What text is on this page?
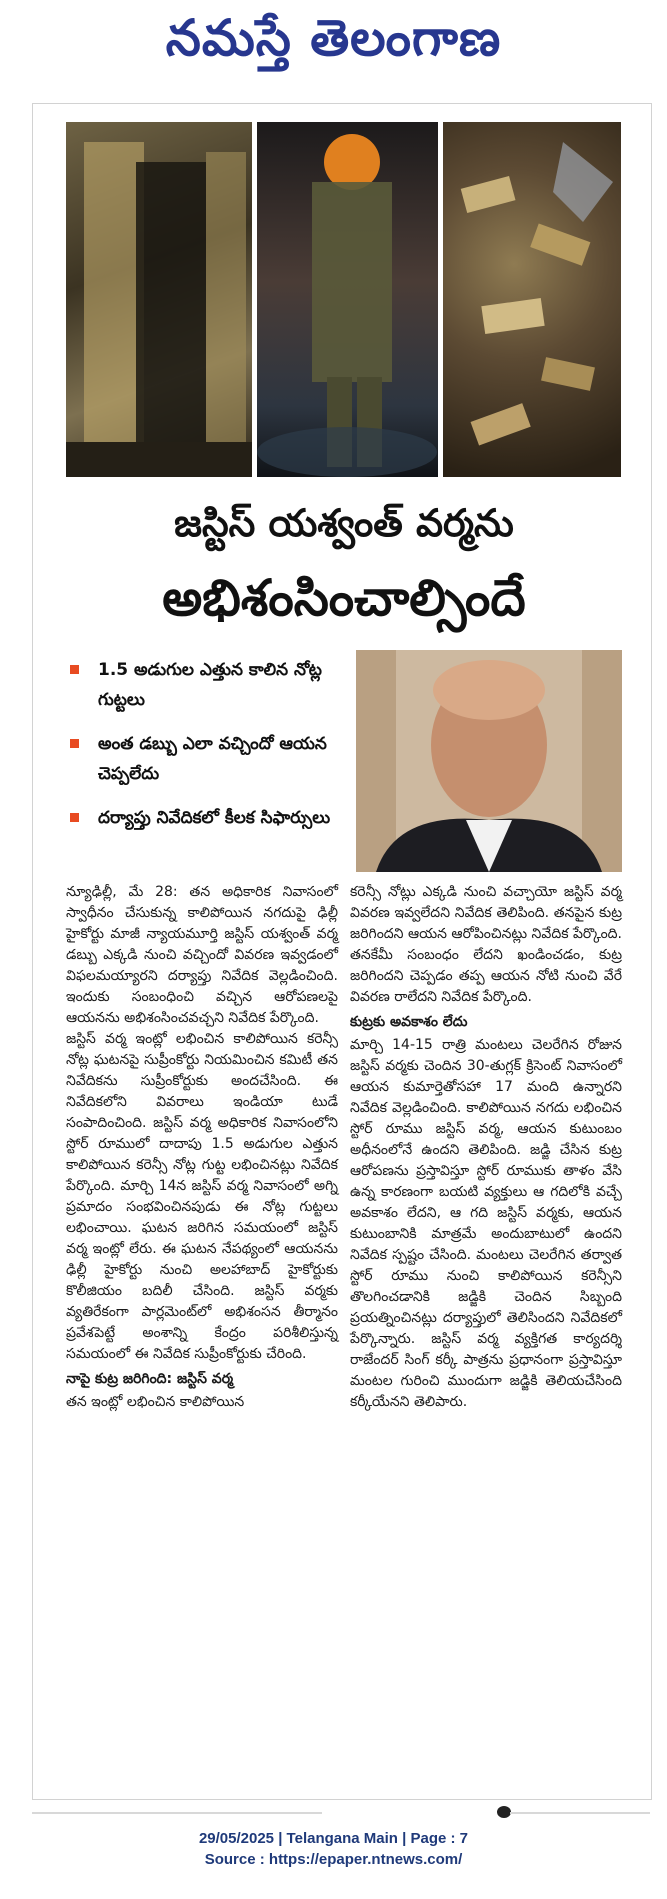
నమస్తే తెలంగాణ
జస్టిస్ యశ్వంత్ వర్మను
అభిశంసించాల్సిందే
1.5 అడుగుల ఎత్తున కాలిన నోట్ల గుట్టలు
అంత డబ్బు ఎలా వచ్చిందో ఆయన చెప్పలేదు
దర్యాప్తు నివేదికలో కీలక సిఫార్సులు

న్యూఢిల్లీ, మే 28: తన అధికారిక నివాసంలో స్వాధీనం చేసుకున్న కాలిపోయిన నగదుపై ఢిల్లీ హైకోర్టు మాజీ న్యాయమూర్తి జస్టిస్ యశ్వంత్ వర్మ డబ్బు ఎక్కడి నుంచి వచ్చిందో వివరణ ఇవ్వడంలో విఫలమయ్యారని దర్యాప్తు నివేదిక వెల్లడించింది. ఇందుకు సంబంధించి వచ్చిన ఆరోపణలపై ఆయనను అభిశంసించవచ్చని నివేదిక పేర్కొంది.

జస్టిస్ వర్మ ఇంట్లో లభించిన కాలిపోయిన కరెన్సీ నోట్ల ఘటనపై సుప్రీంకోర్టు నియమించిన కమిటీ తన నివేదికను సుప్రీంకోర్టుకు అందచేసింది. ఈ నివేదికలోని వివరాలు ఇండియా టుడే సంపాదించింది. జస్టిస్ వర్మ అధికారిక నివాసంలోని స్టోర్ రూములో దాదాపు 1.5 అడుగుల ఎత్తున కాలిపోయిన కరెన్సీ నోట్ల గుట్ట లభించినట్లు నివేదిక పేర్కొంది. మార్చి 14న జస్టిస్ వర్మ నివాసంలో అగ్ని ప్రమాదం సంభవించినపుడు ఈ నోట్ల గుట్టలు లభించాయి. ఘటన జరిగిన సమయంలో జస్టిస్ వర్మ ఇంట్లో లేరు. ఈ ఘటన నేపథ్యంలో ఆయనను ఢిల్లీ హైకోర్టు నుంచి అలహాబాద్ హైకోర్టుకు కొలీజియం బదిలీ చేసింది. జస్టిస్ వర్మకు వ్యతిరేకంగా పార్లమెంట్‌లో అభిశంసన తీర్మానం ప్రవేశపెట్టే అంశాన్ని కేంద్రం పరిశీలిస్తున్న సమయంలో ఈ నివేదిక సుప్రీంకోర్టుకు చేరింది.

నాపై కుట్ర జరిగింది: జస్టిస్ వర్మ

తన ఇంట్లో లభించిన కాలిపోయిన

కరెన్సీ నోట్లు ఎక్కడి నుంచి వచ్చాయో జస్టిస్ వర్మ వివరణ ఇవ్వలేదని నివేదిక తెలిపింది. తనపైన కుట్ర జరిగిందని ఆయన ఆరోపించినట్లు నివేదిక పేర్కొంది. తనకేమీ సంబంధం లేదని ఖండించడం, కుట్ర జరిగిందని చెప్పడం తప్ప ఆయన నోటి నుంచి వేరే వివరణ రాలేదని నివేదిక పేర్కొంది.

కుట్రకు అవకాశం లేదు

మార్చి 14-15 రాత్రి మంటలు చెలరేగిన రోజున జస్టిస్ వర్మకు చెందిన 30-తుగ్లక్ క్రిసెంట్ నివాసంలో ఆయన కుమార్తెతోసహా 17 మంది ఉన్నారని నివేదిక వెల్లడించింది. కాలిపోయిన నగదు లభించిన స్టోర్ రూము జస్టిస్ వర్మ, ఆయన కుటుంబం అధీనంలోనే ఉందని తెలిపింది. జడ్జి చేసిన కుట్ర ఆరోపణను ప్రస్తావిస్తూ స్టోర్ రూముకు తాళం వేసి ఉన్న కారణంగా బయటి వ్యక్తులు ఆ గదిలోకి వచ్చే అవకాశం లేదని, ఆ గది జస్టిస్ వర్మకు, ఆయన కుటుంబానికి మాత్రమే అందుబాటులో ఉందని నివేదిక స్పష్టం చేసింది. మంటలు చెలరేగిన తర్వాత స్టోర్ రూము నుంచి కాలిపోయిన కరెన్సీని తొలగించడానికి జడ్జికి చెందిన సిబ్బంది ప్రయత్నించినట్లు దర్యాప్తులో తెలిసిందని నివేదికలో పేర్కొన్నారు. జస్టిస్ వర్మ వ్యక్తిగత కార్యదర్శి రాజేందర్ సింగ్ కర్కీ పాత్రను ప్రధానంగా ప్రస్తావిస్తూ మంటల గురించి ముందుగా జడ్జికి తెలియచేసింది కర్కీయేనని తెలిపారు.

29/05/2025 | Telangana Main | Page : 7
Source : https://epaper.ntnews.com/
